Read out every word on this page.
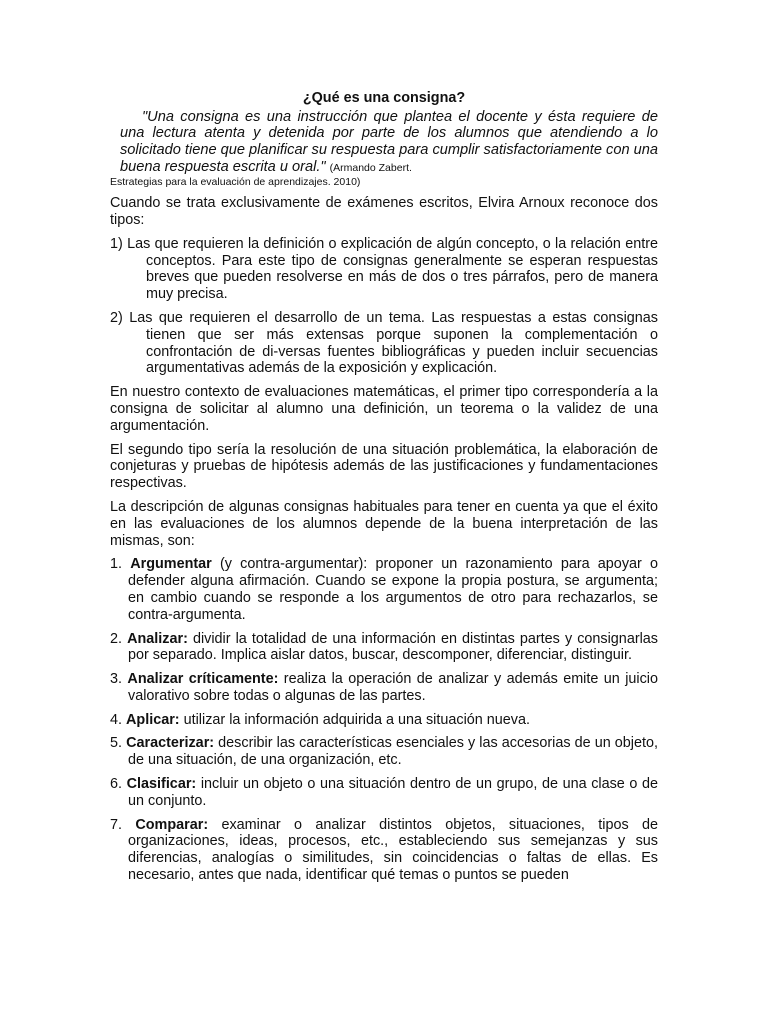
¿Qué es una consigna?

"Una consigna es una instrucción que plantea el docente y ésta requiere de una lectura atenta y detenida por parte de los alumnos que atendiendo a lo solicitado tiene que planificar su respuesta para cumplir satisfactoriamente con una buena respuesta escrita u oral." (Armando Zabert.

Estrategias para la evaluación de aprendizajes. 2010)

Cuando se trata exclusivamente de exámenes escritos, Elvira Arnoux reconoce dos tipos:

1) Las que requieren la definición o explicación de algún concepto, o la relación entre conceptos. Para este tipo de consignas generalmente se esperan respuestas breves que pueden resolverse en más de dos o tres párrafos, pero de manera muy precisa.

2) Las que requieren el desarrollo de un tema. Las respuestas a estas consignas tienen que ser más extensas porque suponen la complementación o confrontación de di-versas fuentes bibliográficas y pueden incluir secuencias argumentativas además de la exposición y explicación.

En nuestro contexto de evaluaciones matemáticas, el primer tipo correspondería a la consigna de solicitar al alumno una definición, un teorema o la validez de una argumentación.

El segundo tipo sería la resolución de una situación problemática, la elaboración de conjeturas y pruebas de hipótesis además de las justificaciones y fundamentaciones respectivas.

La descripción de algunas consignas habituales para tener en cuenta ya que el éxito en las evaluaciones de los alumnos depende de la buena interpretación de las mismas, son:

1. Argumentar (y contra-argumentar): proponer un razonamiento para apoyar o defender alguna afirmación. Cuando se expone la propia postura, se argumenta; en cambio cuando se responde a los argumentos de otro para rechazarlos, se contra-argumenta.

2. Analizar: dividir la totalidad de una información en distintas partes y consignarlas por separado. Implica aislar datos, buscar, descomponer, diferenciar, distinguir.

3. Analizar críticamente: realiza la operación de analizar y además emite un juicio valorativo sobre todas o algunas de las partes.

4. Aplicar: utilizar la información adquirida a una situación nueva.

5. Caracterizar: describir las características esenciales y las accesorias de un objeto, de una situación, de una organización, etc.

6. Clasificar: incluir un objeto o una situación dentro de un grupo, de una clase o de un conjunto.

7. Comparar: examinar o analizar distintos objetos, situaciones, tipos de organizaciones, ideas, procesos, etc., estableciendo sus semejanzas y sus diferencias, analogías o similitudes, sin coincidencias o faltas de ellas. Es necesario, antes que nada, identificar qué temas o puntos se pueden
